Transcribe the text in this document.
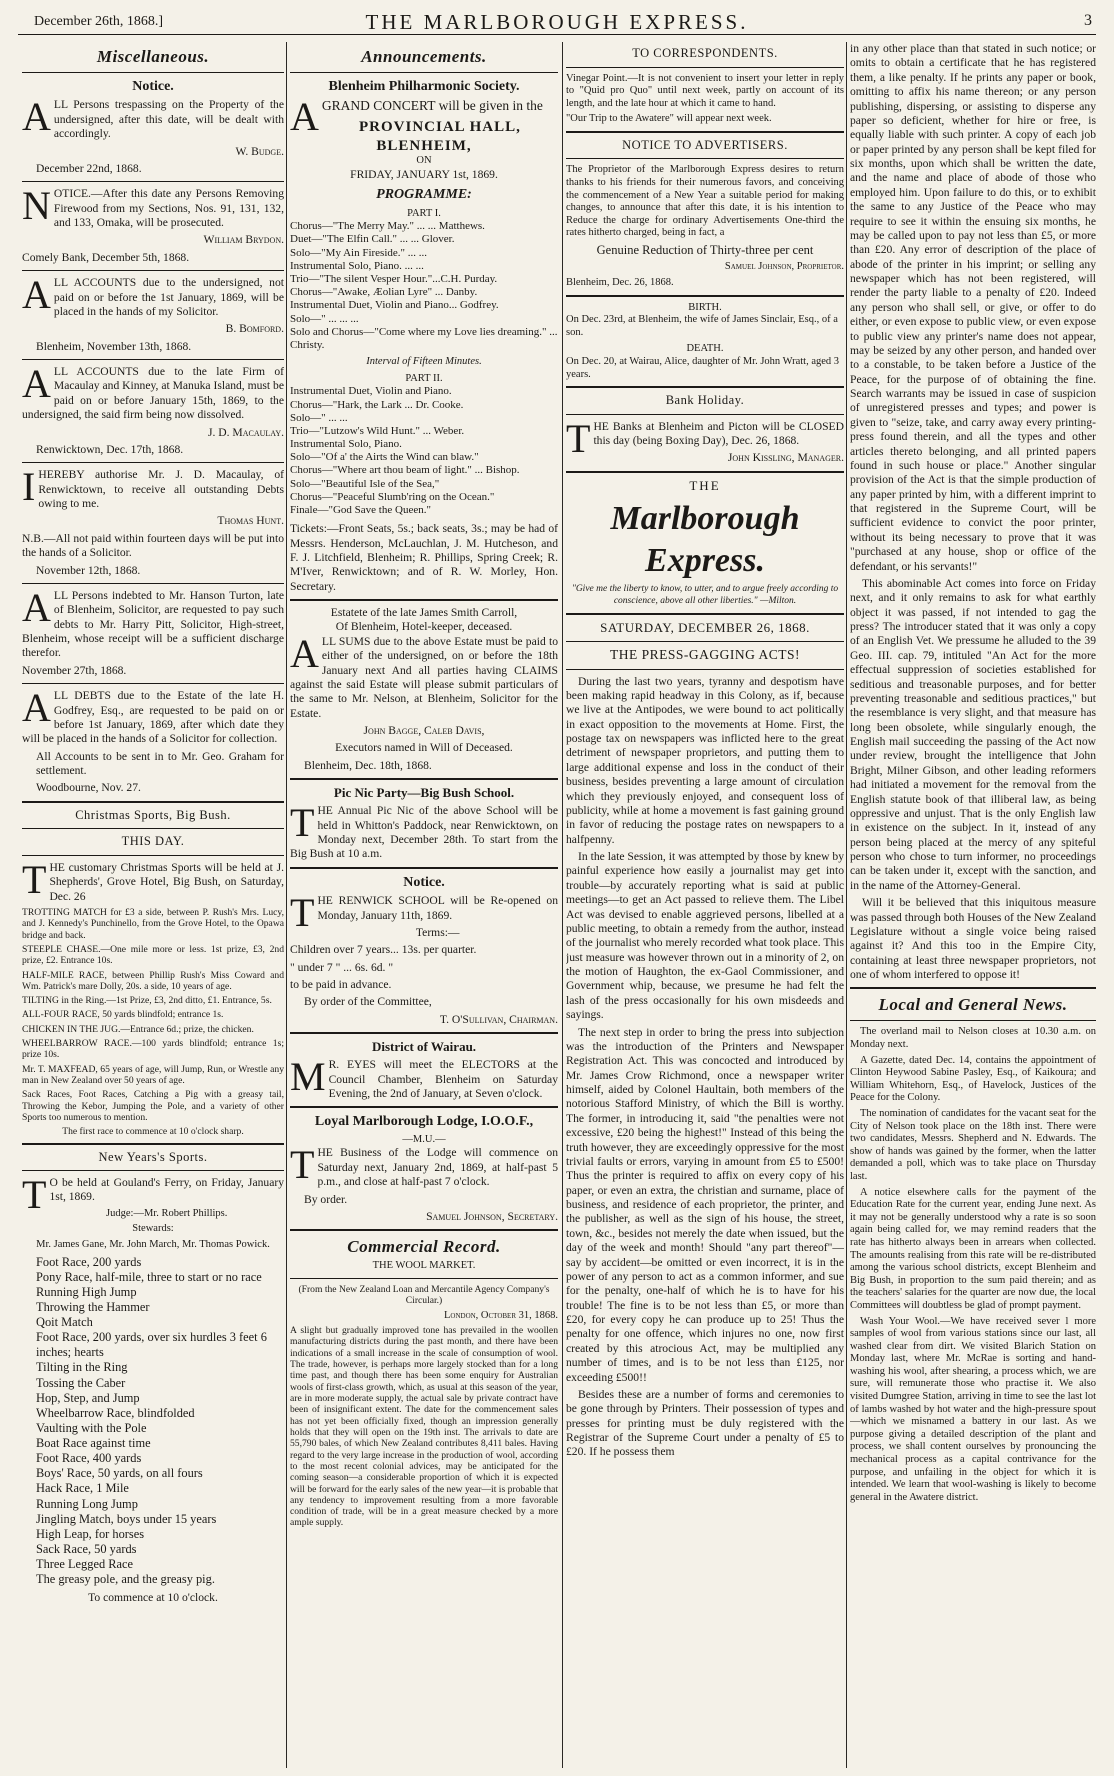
December 26th, 1868.]	THE MARLBOROUGH EXPRESS.	3
Miscellaneous.
Notice.

ALL Persons trespassing on the Property of the undersigned, after this date, will be dealt with accordingly.

W. Budge.

December 22nd, 1868.

NOTICE.—After this date any Persons Removing Firewood from my Sections, Nos. 91, 131, 132, and 133, Omaka, will be prosecuted.

William Brydon.

Comely Bank, December 5th, 1868.

ALL ACCOUNTS due to the undersigned, not paid on or before the 1st January, 1869, will be placed in the hands of my Solicitor.

B. Bomford.

Blenheim, November 13th, 1868.

ALL ACCOUNTS due to the late Firm of Macaulay and Kinney, at Manuka Island, must be paid on or before January 15th, 1869, to the undersigned, the said firm being now dissolved.

J. D. Macaulay.

Renwicktown, Dec. 17th, 1868.

IHEREBY authorise Mr. J. D. Macaulay, of Renwicktown, to receive all outstanding Debts owing to me.

Thomas Hunt.

N.B.—All not paid within fourteen days will be put into the hands of a Solicitor.

November 12th, 1868.

ALL Persons indebted to Mr. Hanson Turton, late of Blenheim, Solicitor, are requested to pay such debts to Mr. Harry Pitt, Solicitor, High-street, Blenheim, whose receipt will be a sufficient discharge therefor.

November 27th, 1868.

ALL DEBTS due to the Estate of the late H. Godfrey, Esq., are requested to be paid on or before 1st January, 1869, after which date they will be placed in the hands of a Solicitor for collection.

All Accounts to be sent in to Mr. Geo. Graham for settlement.

Woodbourne, Nov. 27.

Christmas Sports, Big Bush.
THIS DAY.

THE customary Christmas Sports will be held at J. Shepherds', Grove Hotel, Big Bush, on Saturday, Dec. 26

TROTTING MATCH for £3 a side, between P. Rush's Mrs. Lucy, and J. Kennedy's Punchinello, from the Grove Hotel, to the Opawa bridge and back.

STEEPLE CHASE.—One mile more or less. 1st prize, £3, 2nd prize, £2. Entrance 10s.

HALF-MILE RACE, between Phillip Rush's Miss Coward and Wm. Patrick's mare Dolly, 20s. a side, 10 years of age.

TILTING in the Ring.—1st Prize, £3, 2nd ditto, £1. Entrance, 5s.

ALL-FOUR RACE, 50 yards blindfold; entrance 1s.

CHICKEN IN THE JUG.—Entrance 6d.; prize, the chicken.

WHEELBARROW RACE.—100 yards blindfold; entrance 1s; prize 10s.

Mr. T. MAXFEAD, 65 years of age, will Jump, Run, or Wrestle any man in New Zealand over 50 years of age.

Sack Races, Foot Races, Catching a Pig with a greasy tail, Throwing the Kebor, Jumping the Pole, and a variety of other Sports too numerous to mention.

The first race to commence at 10 o'clock sharp.

New Years's Sports.

TO be held at Gouland's Ferry, on Friday, January 1st, 1869.

Judge:—Mr. Robert Phillips.

Stewards:

Mr. James Gane, Mr. John March, Mr. Thomas Powick.

Foot Race, 200 yards
Pony Race, half-mile, three to start or no race
Running High Jump
Throwing the Hammer
Qoit Match
Foot Race, 200 yards, over six hurdles 3 feet 6 inches; hearts
Tilting in the Ring
Tossing the Caber
Hop, Step, and Jump
Wheelbarrow Race, blindfolded
Vaulting with the Pole
Boat Race against time
Foot Race, 400 yards
Boys' Race, 50 yards, on all fours
Hack Race, 1 Mile
Running Long Jump
Jingling Match, boys under 15 years
High Leap, for horses
Sack Race, 50 yards
Three Legged Race
The greasy pole, and the greasy pig.

To commence at 10 o'clock.

Announcements.
Blenheim Philharmonic Society.

AGRAND CONCERT will be given in the

PROVINCIAL HALL, BLENHEIM,
ON
FRIDAY, JANUARY 1st, 1869.
PROGRAMME:
PART I.
Chorus—"The Merry May." ... ... Matthews.
Duet—"The Elfin Call." ... ... Glover.
Solo—"My Ain Fireside." ... ...
Instrumental Solo, Piano. ... ...
Trio—"The silent Vesper Hour."...C.H. Purday.
Chorus—"Awake, Æolian Lyre" ... Danby.
Instrumental Duet, Violin and Piano... Godfrey.
Solo—" ... ... ...
Solo and Chorus—"Come where my Love lies dreaming." ... Christy.
Interval of Fifteen Minutes.
PART II.
Instrumental Duet, Violin and Piano.
Chorus—"Hark, the Lark ... Dr. Cooke.
Solo—" ... ...
Trio—"Lutzow's Wild Hunt." ... Weber.
Instrumental Solo, Piano.
Solo—"Of a' the Airts the Wind can blaw."
Chorus—"Where art thou beam of light." ... Bishop.
Solo—"Beautiful Isle of the Sea,"
Chorus—"Peaceful Slumb'ring on the Ocean."
Finale—"God Save the Queen."

Tickets:—Front Seats, 5s.; back seats, 3s.; may be had of Messrs. Henderson, McLauchlan, J. M. Hutcheson, and F. J. Litchfield, Blenheim; R. Phillips, Spring Creek; R. M'Iver, Renwicktown; and of R. W. Morley, Hon. Secretary.

Estatete of the late James Smith Carroll,
Of Blenheim, Hotel-keeper, deceased.

ALL SUMS due to the above Estate must be paid to either of the undersigned, on or before the 18th January next And all parties having CLAIMS against the said Estate will please submit particulars of the same to Mr. Nelson, at Blenheim, Solicitor for the Estate.

John Bagge, Caleb Davis,

Executors named in Will of Deceased.

Blenheim, Dec. 18th, 1868.

Pic Nic Party—Big Bush School.

THE Annual Pic Nic of the above School will be held in Whitton's Paddock, near Renwicktown, on Monday next, December 28th. To start from the Big Bush at 10 a.m.

Notice.

THE RENWICK SCHOOL will be Re-opened on Monday, January 11th, 1869.

Terms:—

Children over 7 years... 13s. per quarter.

" under 7 " ... 6s. 6d. "

to be paid in advance.

By order of the Committee,

T. O'Sullivan, Chairman.

District of Wairau.

MR. EYES will meet the ELECTORS at the Council Chamber, Blenheim on Saturday Evening, the 2nd of January, at Seven o'clock.

Loyal Marlborough Lodge, I.O.O.F.,
—M.U.—

THE Business of the Lodge will commence on Saturday next, January 2nd, 1869, at half-past 5 p.m., and close at half-past 7 o'clock.

By order.

Samuel Johnson, Secretary.

Commercial Record.
THE WOOL MARKET.

(From the New Zealand Loan and Mercantile Agency Company's Circular.)

London, October 31, 1868.

A slight but gradually improved tone has prevailed in the woollen manufacturing districts during the past month, and there have been indications of a small increase in the scale of consumption of wool. The trade, however, is perhaps more largely stocked than for a long time past, and though there has been some enquiry for Australian wools of first-class growth, which, as usual at this season of the year, are in more moderate supply, the actual sale by private contract have been of insignificant extent. The date for the commencement sales has not yet been officially fixed, though an impression generally holds that they will open on the 19th inst. The arrivals to date are 55,790 bales, of which New Zealand contributes 8,411 bales. Having regard to the very large increase in the production of wool, according to the most recent colonial advices, may be anticipated for the coming season—a considerable proportion of which it is expected will be forward for the early sales of the new year—it is probable that any tendency to improvement resulting from a more favorable condition of trade, will be in a great measure checked by a more ample supply.

TO CORRESPONDENTS.

Vinegar Point.—It is not convenient to insert your letter in reply to "Quid pro Quo" until next week, partly on account of its length, and the late hour at which it came to hand.

"Our Trip to the Awatere" will appear next week.

NOTICE TO ADVERTISERS.

The Proprietor of the Marlborough Express desires to return thanks to his friends for their numerous favors, and conceiving the commencement of a New Year a suitable period for making changes, to announce that after this date, it is his intention to Reduce the charge for ordinary Advertisements One-third the rates hitherto charged, being in fact, a

Genuine Reduction of Thirty-three per cent

Samuel Johnson, Proprietor.

Blenheim, Dec. 26, 1868.

BIRTH.

On Dec. 23rd, at Blenheim, the wife of James Sinclair, Esq., of a son.

DEATH.

On Dec. 20, at Wairau, Alice, daughter of Mr. John Wratt, aged 3 years.

Bank Holiday.

THE Banks at Blenheim and Picton will be CLOSED this day (being Boxing Day), Dec. 26, 1868.

John Kissling, Manager.

THE
Marlborough Express.

"Give me the liberty to know, to utter, and to argue freely according to conscience, above all other liberties." —Milton.

SATURDAY, DECEMBER 26, 1868.
THE PRESS-GAGGING ACTS!

During the last two years, tyranny and despotism have been making rapid headway in this Colony, as if, because we live at the Antipodes, we were bound to act politically in exact opposition to the movements at Home. First, the postage tax on newspapers was inflicted here to the great detriment of newspaper proprietors, and putting them to large additional expense and loss in the conduct of their business, besides preventing a large amount of circulation which they previously enjoyed, and consequent loss of publicity, while at home a movement is fast gaining ground in favor of reducing the postage rates on newspapers to a halfpenny.

In the late Session, it was attempted by those by knew by painful experience how easily a journalist may get into trouble—by accurately reporting what is said at public meetings—to get an Act passed to relieve them. The Libel Act was devised to enable aggrieved persons, libelled at a public meeting, to obtain a remedy from the author, instead of the journalist who merely recorded what took place. This just measure was however thrown out in a minority of 2, on the motion of Haughton, the ex-Gaol Commissioner, and Government whip, because, we presume he had felt the lash of the press occasionally for his own misdeeds and sayings.

The next step in order to bring the press into subjection was the introduction of the Printers and Newspaper Registration Act. This was concocted and introduced by Mr. James Crow Richmond, once a newspaper writer himself, aided by Colonel Haultain, both members of the notorious Stafford Ministry, of which the Bill is worthy. The former, in introducing it, said "the penalties were not excessive, £20 being the highest!" Instead of this being the truth however, they are exceedingly oppressive for the most trivial faults or errors, varying in amount from £5 to £500! Thus the printer is required to affix on every copy of his paper, or even an extra, the christian and surname, place of business, and residence of each proprietor, the printer, and the publisher, as well as the sign of his house, the street, town, &c., besides not merely the date when issued, but the day of the week and month! Should "any part thereof"—say by accident—be omitted or even incorrect, it is in the power of any person to act as a common informer, and sue for the penalty, one-half of which he is to have for his trouble! The fine is to be not less than £5, or more than £20, for every copy he can produce up to 25! Thus the penalty for one offence, which injures no one, now first created by this atrocious Act, may be multiplied any number of times, and is to be not less than £125, nor exceeding £500!!

Besides these are a number of forms and ceremonies to be gone through by Printers. Their possession of types and presses for printing must be duly registered with the Registrar of the Supreme Court under a penalty of £5 to £20. If he possess them

in any other place than that stated in such notice; or omits to obtain a certificate that he has registered them, a like penalty. If he prints any paper or book, omitting to affix his name thereon; or any person publishing, dispersing, or assisting to disperse any paper so deficient, whether for hire or free, is equally liable with such printer. A copy of each job or paper printed by any person shall be kept filed for six months, upon which shall be written the date, and the name and place of abode of those who employed him. Upon failure to do this, or to exhibit the same to any Justice of the Peace who may require to see it within the ensuing six months, he may be called upon to pay not less than £5, or more than £20. Any error of description of the place of abode of the printer in his imprint; or selling any newspaper which has not been registered, will render the party liable to a penalty of £20. Indeed any person who shall sell, or give, or offer to do either, or even expose to public view, or even expose to public view any printer's name does not appear, may be seized by any other person, and handed over to a constable, to be taken before a Justice of the Peace, for the purpose of of obtaining the fine. Search warrants may be issued in case of suspicion of unregistered presses and types; and power is given to "seize, take, and carry away every printing-press found therein, and all the types and other articles thereto belonging, and all printed papers found in such house or place." Another singular provision of the Act is that the simple production of any paper printed by him, with a different imprint to that registered in the Supreme Court, will be sufficient evidence to convict the poor printer, without its being necessary to prove that it was "purchased at any house, shop or office of the defendant, or his servants!"

This abominable Act comes into force on Friday next, and it only remains to ask for what earthly object it was passed, if not intended to gag the press? The introducer stated that it was only a copy of an English Vet. We pressume he alluded to the 39 Geo. III. cap. 79, intituled "An Act for the more effectual suppression of societies established for seditious and treasonable purposes, and for better preventing treasonable and seditious practices," but the resemblance is very slight, and that measure has long been obsolete, while singularly enough, the English mail succeeding the passing of the Act now under review, brought the intelligence that John Bright, Milner Gibson, and other leading reformers had initiated a movement for the removal from the English statute book of that illiberal law, as being oppressive and unjust. That is the only English law in existence on the subject. In it, instead of any person being placed at the mercy of any spiteful person who chose to turn informer, no proceedings can be taken under it, except with the sanction, and in the name of the Attorney-General.

Will it be believed that this iniquitous measure was passed through both Houses of the New Zealand Legislature without a single voice being raised against it? And this too in the Empire City, containing at least three newspaper proprietors, not one of whom interfered to oppose it!

Local and General News.

The overland mail to Nelson closes at 10.30 a.m. on Monday next.

A Gazette, dated Dec. 14, contains the appointment of Clinton Heywood Sabine Pasley, Esq., of Kaikoura; and William Whitehorn, Esq., of Havelock, Justices of the Peace for the Colony.

The nomination of candidates for the vacant seat for the City of Nelson took place on the 18th inst. There were two candidates, Messrs. Shepherd and N. Edwards. The show of hands was gained by the former, when the latter demanded a poll, which was to take place on Thursday last.

A notice elsewhere calls for the payment of the Education Rate for the current year, ending June next. As it may not be generally understood why a rate is so soon again being called for, we may remind readers that the rate has hitherto always been in arrears when collected. The amounts realising from this rate will be re-distributed among the various school districts, except Blenheim and Big Bush, in proportion to the sum paid therein; and as the teachers' salaries for the quarter are now due, the local Committees will doubtless be glad of prompt payment.

Wash Your Wool.—We have received sever l more samples of wool from various stations since our last, all washed clear from dirt. We visited Blarich Station on Monday last, where Mr. McRae is sorting and hand-washing his wool, after shearing, a process which, we are sure, will remunerate those who practise it. We also visited Dumgree Station, arriving in time to see the last lot of lambs washed by hot water and the high-pressure spout—which we misnamed a battery in our last. As we purpose giving a detailed description of the plant and process, we shall content ourselves by pronouncing the mechanical process as a capital contrivance for the purpose, and unfailing in the object for which it is intended. We learn that wool-washing is likely to become general in the Awatere district.
